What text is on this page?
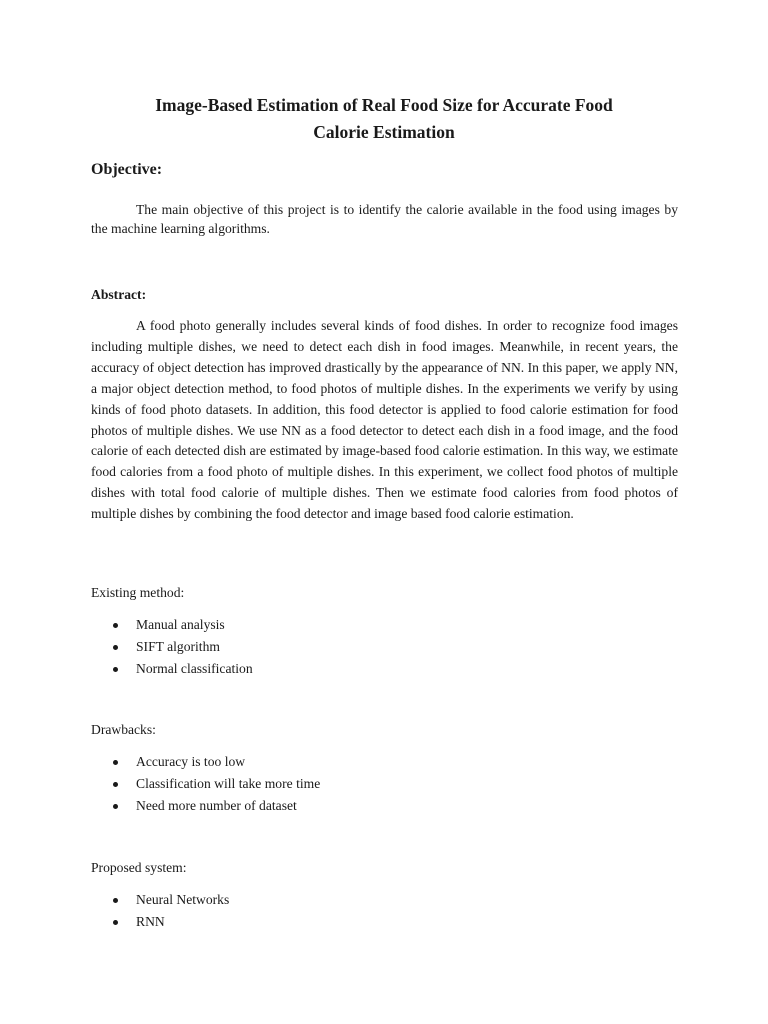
Image-Based Estimation of Real Food Size for Accurate Food
Calorie Estimation
Objective:
The main objective of this project is to identify the calorie available in the food using images by the machine learning algorithms.
Abstract:
A food photo generally includes several kinds of food dishes. In order to recognize food images including multiple dishes, we need to detect each dish in food images. Meanwhile, in recent years, the accuracy of object detection has improved drastically by the appearance of NN. In this paper, we apply NN, a major object detection method, to food photos of multiple dishes. In the experiments we verify by using kinds of food photo datasets. In addition, this food detector is applied to food calorie estimation for food photos of multiple dishes. We use NN as a food detector to detect each dish in a food image, and the food calorie of each detected dish are estimated by image-based food calorie estimation. In this way, we estimate food calories from a food photo of multiple dishes. In this experiment, we collect food photos of multiple dishes with total food calorie of multiple dishes. Then we estimate food calories from food photos of multiple dishes by combining the food detector and image based food calorie estimation.
Existing method:
Manual analysis
SIFT algorithm
Normal classification
Drawbacks:
Accuracy is too low
Classification will take more time
Need more number of dataset
Proposed system:
Neural Networks
RNN
